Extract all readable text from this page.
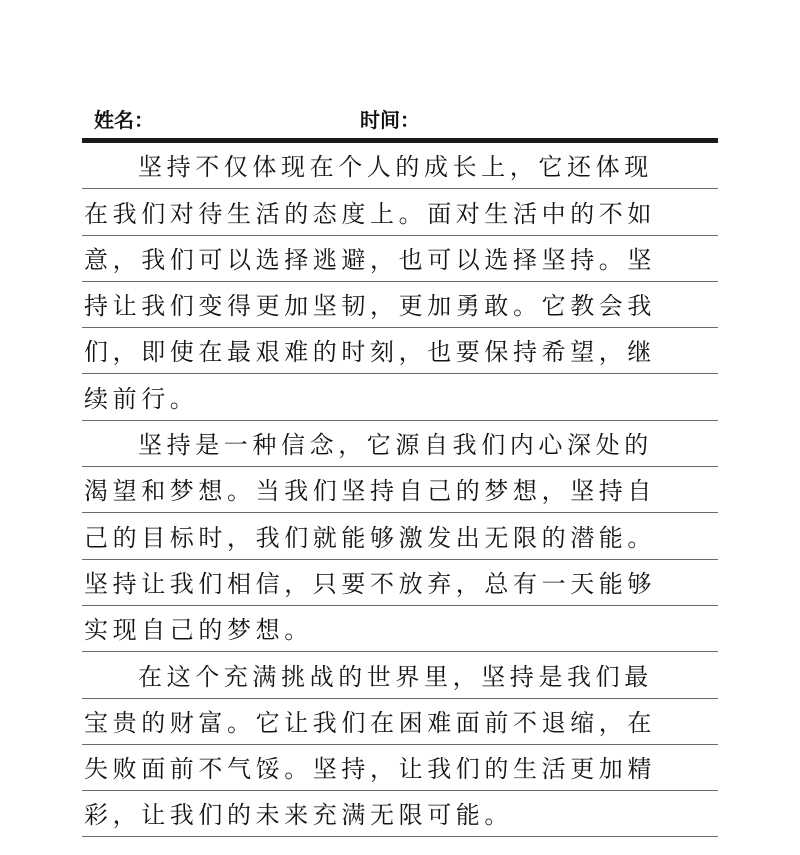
姓名：	时间：
坚持不仅体现在个人的成长上，它还体现
在我们对待生活的态度上。面对生活中的不如
意，我们可以选择逃避，也可以选择坚持。坚
持让我们变得更加坚韧，更加勇敢。它教会我
们，即使在最艰难的时刻，也要保持希望，继
续前行。
坚持是一种信念，它源自我们内心深处的
渴望和梦想。当我们坚持自己的梦想，坚持自
己的目标时，我们就能够激发出无限的潜能。
坚持让我们相信，只要不放弃，总有一天能够
实现自己的梦想。
在这个充满挑战的世界里，坚持是我们最
宝贵的财富。它让我们在困难面前不退缩，在
失败面前不气馁。坚持，让我们的生活更加精
彩，让我们的未来充满无限可能。
